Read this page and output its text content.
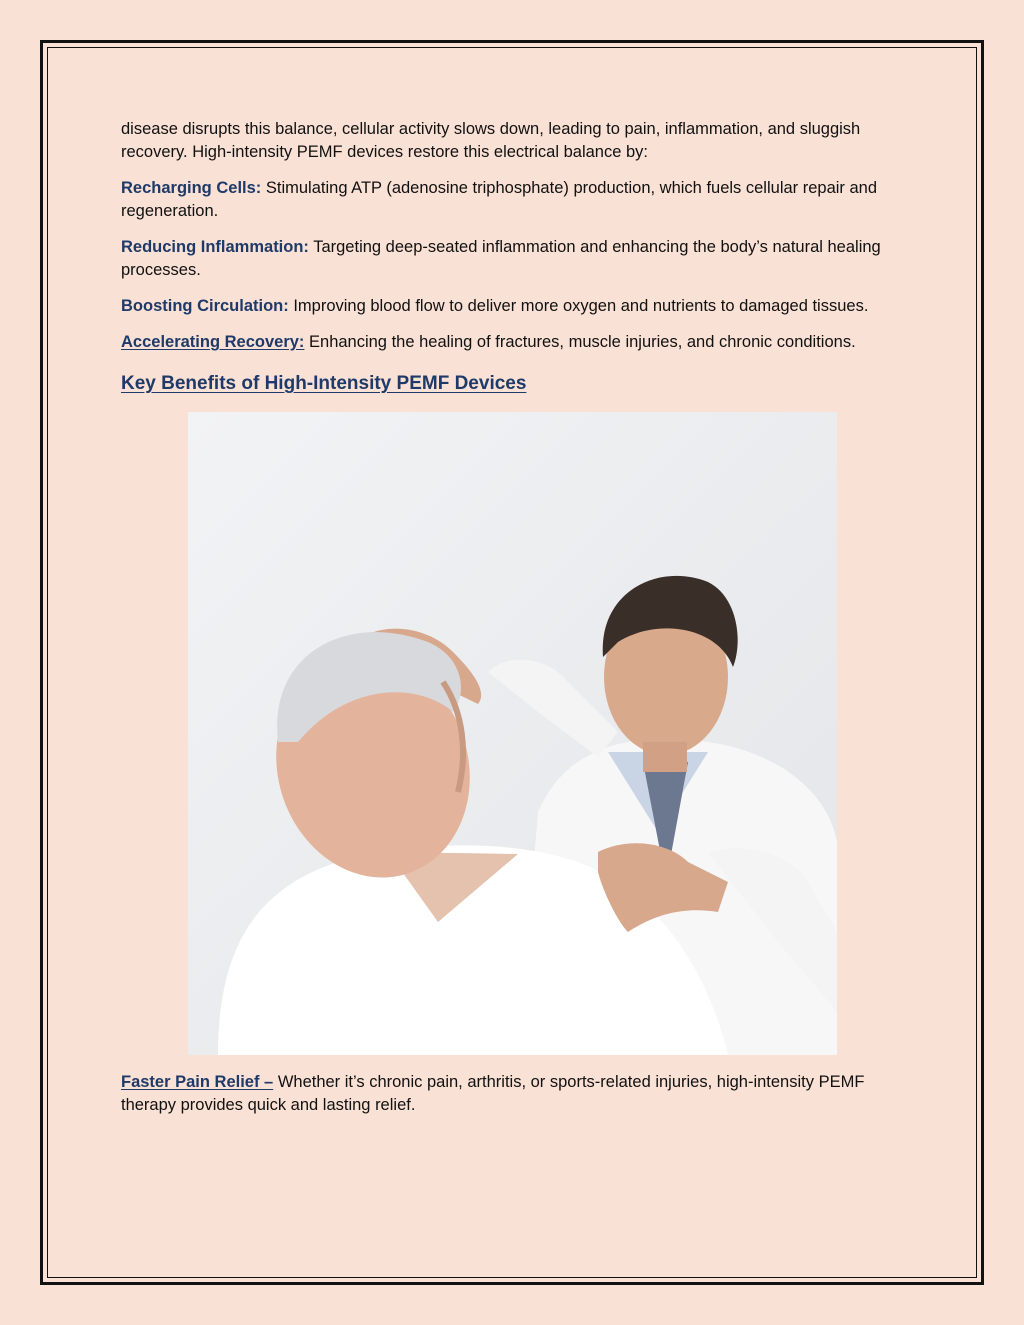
disease disrupts this balance, cellular activity slows down, leading to pain, inflammation, and sluggish recovery. High-intensity PEMF devices restore this electrical balance by:

Recharging Cells: Stimulating ATP (adenosine triphosphate) production, which fuels cellular repair and regeneration.

Reducing Inflammation: Targeting deep-seated inflammation and enhancing the body’s natural healing processes.

Boosting Circulation: Improving blood flow to deliver more oxygen and nutrients to damaged tissues.

Accelerating Recovery: Enhancing the healing of fractures, muscle injuries, and chronic conditions.

Key Benefits of High-Intensity PEMF Devices

Faster Pain Relief – Whether it’s chronic pain, arthritis, or sports-related injuries, high-intensity PEMF therapy provides quick and lasting relief.
